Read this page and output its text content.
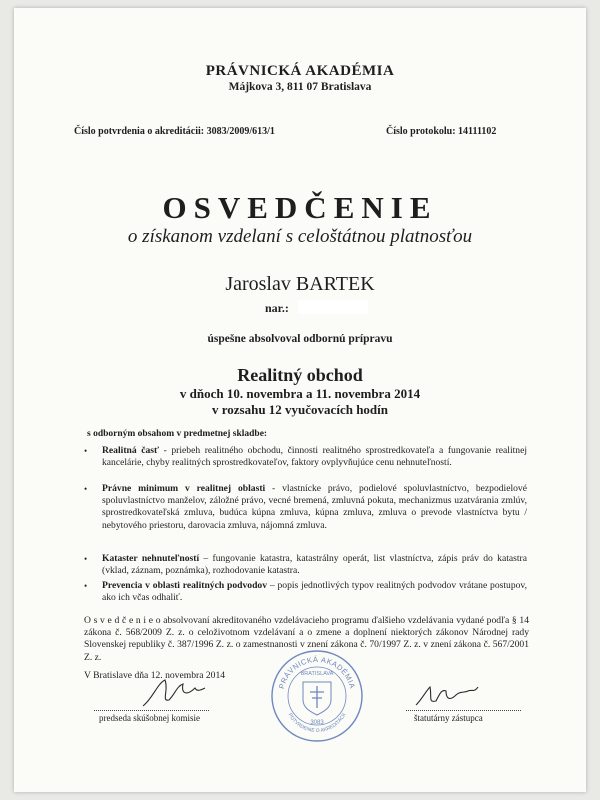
PRÁVNICKÁ AKADÉMIA
Májkova 3, 811 07 Bratislava
Číslo potvrdenia o akreditácii: 3083/2009/613/1	Číslo protokolu: 14111102
OSVEDČENIE
o získanom vzdelaní s celoštátnou platnosťou
Jaroslav BARTEK
nar.:
úspešne absolvoval odbornú prípravu
Realitný obchod
v dňoch 10. novembra a 11. novembra 2014
v rozsahu 12 vyučovacích hodín
s odborným obsahom v predmetnej skladbe:
• Realitná časť - priebeh realitného obchodu, činnosti realitného sprostredkovateľa a fungovanie realitnej kancelárie, chyby realitných sprostredkovateľov, faktory ovplyvňujúce cenu nehnuteľností.
• Právne minimum v realitnej oblasti - vlastnícke právo, podielové spoluvlastníctvo, bezpodielové spoluvlastníctvo manželov, záložné právo, vecné bremená, zmluvná pokuta, mechanizmus uzatvárania zmlúv, sprostredkovateľská zmluva, budúca kúpna zmluva, kúpna zmluva, zmluva o prevode vlastníctva bytu / nebytového priestoru, darovacia zmluva, nájomná zmluva.
• Kataster nehnuteľností – fungovanie katastra, katastrálny operát, list vlastníctva, zápis práv do katastra (vklad, záznam, poznámka), rozhodovanie katastra.
• Prevencia v oblasti realitných podvodov – popis jednotlivých typov realitných podvodov vrátane postupov, ako ich včas odhaliť.
O s v e d č e n i e o absolvovaní akreditovaného vzdelávacieho programu ďalšieho vzdelávania vydané podľa § 14 zákona č. 568/2009 Z. z. o celoživotnom vzdelávaní a o zmene a doplnení niektorých zákonov Národnej rady Slovenskej republiky č. 387/1996 Z. z. o zamestnanosti v znení zákona č. 70/1997 Z. z. v znení zákona č. 567/2001 Z. z.
V Bratislave dňa 12. novembra 2014
PRÁVNICKÁ AKADÉMIA
POTVRDENIE O AKREDITÁCII
BRATISLAVA
3083
predseda skúšobnej komisie	štatutárny zástupca
